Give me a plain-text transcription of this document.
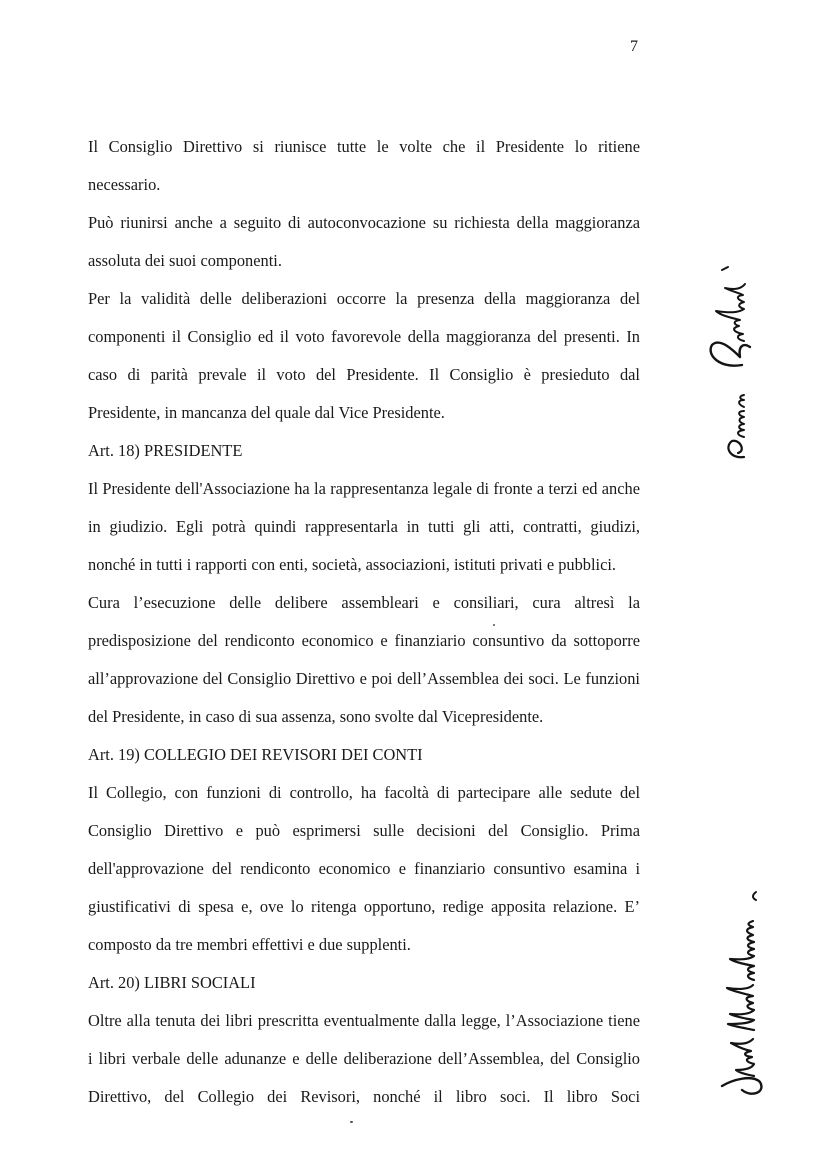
7
Il Consiglio Direttivo si riunisce tutte le volte che il Presidente lo ritiene
necessario.
Può riunirsi anche a seguito di autoconvocazione su richiesta della maggioranza
assoluta dei suoi componenti.
Per la validità delle deliberazioni occorre la presenza della maggioranza del
componenti il Consiglio ed il voto favorevole della maggioranza del presenti. In
caso di parità prevale il voto del Presidente. Il Consiglio è presieduto dal
Presidente, in mancanza del quale dal Vice Presidente.
Art. 18) PRESIDENTE
Il Presidente dell'Associazione ha la rappresentanza legale di fronte a terzi ed anche
in giudizio. Egli potrà quindi rappresentarla in tutti gli atti, contratti, giudizi,
nonché in tutti i rapporti con enti, società, associazioni, istituti privati e pubblici.
Cura l’esecuzione delle delibere assembleari e consiliari, cura altresì la
predisposizione del rendiconto economico e finanziario consuntivo da sottoporre
all’approvazione del Consiglio Direttivo e poi dell’Assemblea dei soci. Le funzioni
del Presidente, in caso di sua assenza, sono svolte dal Vicepresidente.
Art. 19) COLLEGIO DEI REVISORI DEI CONTI
Il Collegio, con funzioni di controllo, ha facoltà di partecipare alle sedute del
Consiglio Direttivo e può esprimersi sulle decisioni del Consiglio. Prima
dell'approvazione del rendiconto economico e finanziario consuntivo esamina i
giustificativi di spesa e, ove lo ritenga opportuno, redige apposita relazione. E’
composto da tre membri effettivi e due supplenti.
Art. 20) LIBRI SOCIALI
Oltre alla tenuta dei libri prescritta eventualmente dalla legge, l’Associazione tiene
i libri verbale delle adunanze e delle deliberazione dell’Assemblea, del Consiglio
Direttivo, del Collegio dei Revisori, nonché il libro soci. Il libro Soci
